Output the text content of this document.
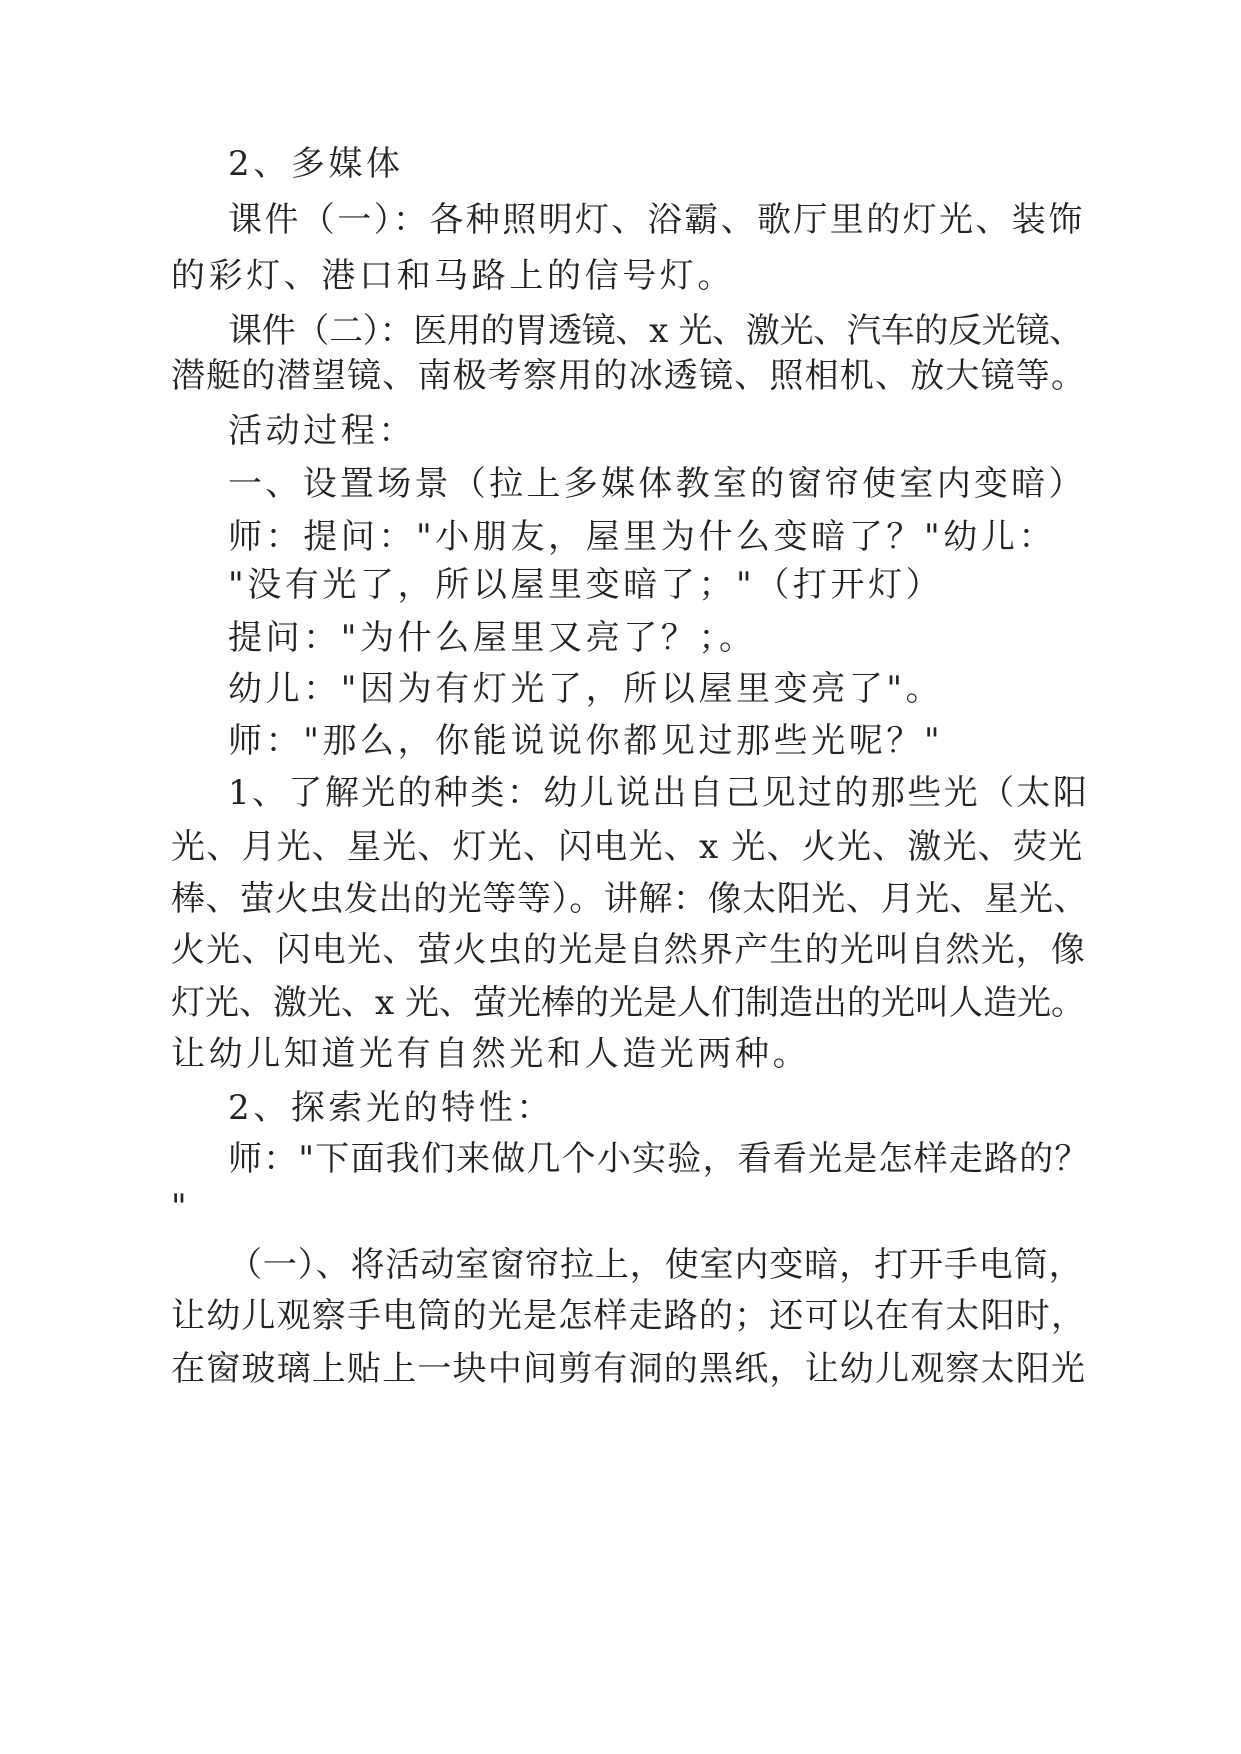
2、多媒体

课件（一）：各种照明灯、浴霸、歌厅里的灯光、装饰

的彩灯、港口和马路上的信号灯。

课件（二）：医用的胃透镜、x 光、激光、汽车的反光镜、

潜艇的潜望镜、南极考察用的冰透镜、照相机、放大镜等。

活动过程：

一、设置场景（拉上多媒体教室的窗帘使室内变暗）

师：提问："小朋友，屋里为什么变暗了？"幼儿：

"没有光了，所以屋里变暗了；"（打开灯）

提问："为什么屋里又亮了？；。

幼儿："因为有灯光了，所以屋里变亮了"。

师："那么，你能说说你都见过那些光呢？"

1、了解光的种类：幼儿说出自己见过的那些光（太阳

光、月光、星光、灯光、闪电光、x 光、火光、激光、荧光

棒、萤火虫发出的光等等）。讲解：像太阳光、月光、星光、

火光、闪电光、萤火虫的光是自然界产生的光叫自然光，像

灯光、激光、x 光、萤光棒的光是人们制造出的光叫人造光。

让幼儿知道光有自然光和人造光两种。

2、探索光的特性：

师："下面我们来做几个小实验，看看光是怎样走路的？

"

（一）、将活动室窗帘拉上，使室内变暗，打开手电筒，

让幼儿观察手电筒的光是怎样走路的；还可以在有太阳时，

在窗玻璃上贴上一块中间剪有洞的黑纸，让幼儿观察太阳光
